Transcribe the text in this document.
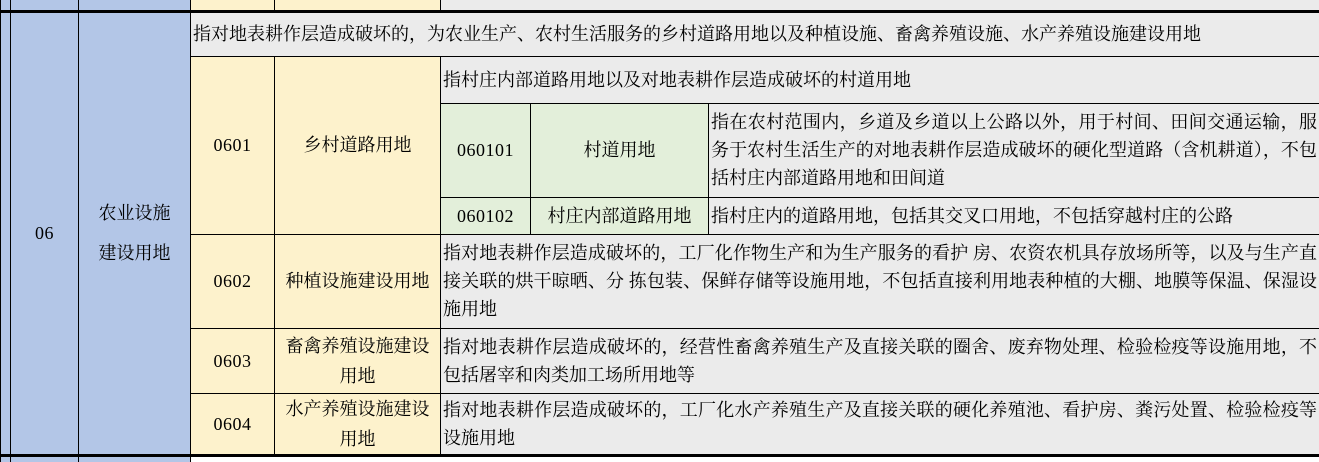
	06	农业设施建设用地	指对地表耕作层造成破坏的，为农业生产、农村生活服务的乡村道路用地以及种植设施、畜禽养殖设施、水产养殖设施建设用地				
			0601	乡村道路用地	指村庄内部道路用地以及对地表耕作层造成破坏的村道用地		
					060101	村道用地	指在农村范围内，乡道及乡道以上公路以外，用于村间、田间交通运输，服务于农村生活生产的对地表耕作层造成破坏的硬化型道路（含机耕道），不包括村庄内部道路用地和田间道
					060102	村庄内部道路用地	指村庄内的道路用地，包括其交叉口用地，不包括穿越村庄的公路
			0602	种植设施建设用地	指对地表耕作层造成破坏的，工厂化作物生产和为生产服务的看护 房、农资农机具存放场所等，以及与生产直接关联的烘干晾晒、分 拣包装、保鲜存储等设施用地，不包括直接利用地表种植的大棚、地膜等保温、保湿设施用地		
			0603	畜禽养殖设施建设用地	指对地表耕作层造成破坏的，经营性畜禽养殖生产及直接关联的圈舍、废弃物处理、检验检疫等设施用地，不包括屠宰和肉类加工场所用地等		
			0604	水产养殖设施建设用地	指对地表耕作层造成破坏的，工厂化水产养殖生产及直接关联的硬化养殖池、看护房、粪污处置、检验检疫等设施用地		
